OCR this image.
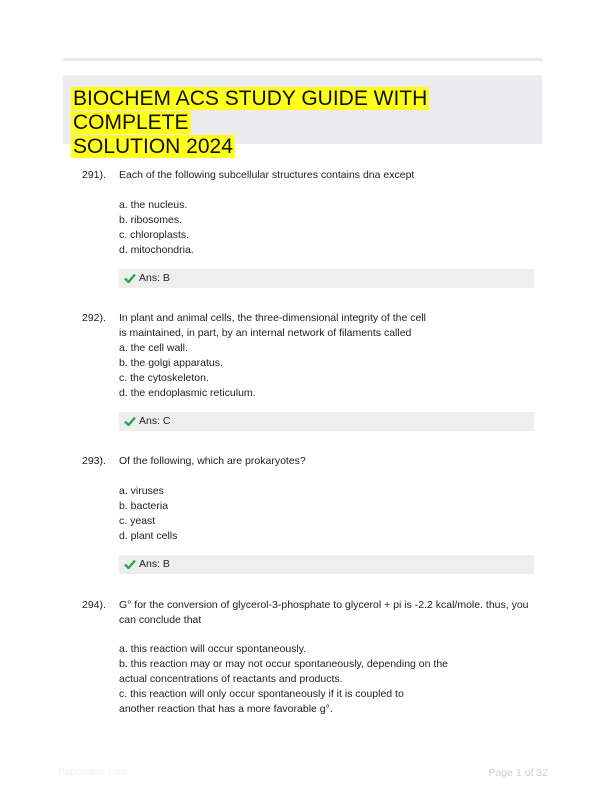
BIOCHEM ACS STUDY GUIDE WITH COMPLETE
SOLUTION 2024
291). Each of the following subcellular structures contains dna except
a. the nucleus.
b. ribosomes.
c. chloroplasts.
d. mitochondria.
Ans: B
292). In plant and animal cells, the three-dimensional integrity of the cell
is maintained, in part, by an internal network of filaments called
a. the cell wall.
b. the golgi apparatus.
c. the cytoskeleton.
d. the endoplasmic reticulum.
Ans: C
293). Of the following, which are prokaryotes?
a. viruses
b. bacteria
c. yeast
d. plant cells
Ans: B
294). G° for the conversion of glycerol-3-phosphate to glycerol + pi is -2.2 kcal/mole. thus, you
can conclude that
a. this reaction will occur spontaneously.
b. this reaction may or may not occur spontaneously, depending on the
actual concentrations of reactants and products.
c. this reaction will only occur spontaneously if it is coupled to
another reaction that has a more favorable g°.
Paperstbic.com	Page 1 of 32
